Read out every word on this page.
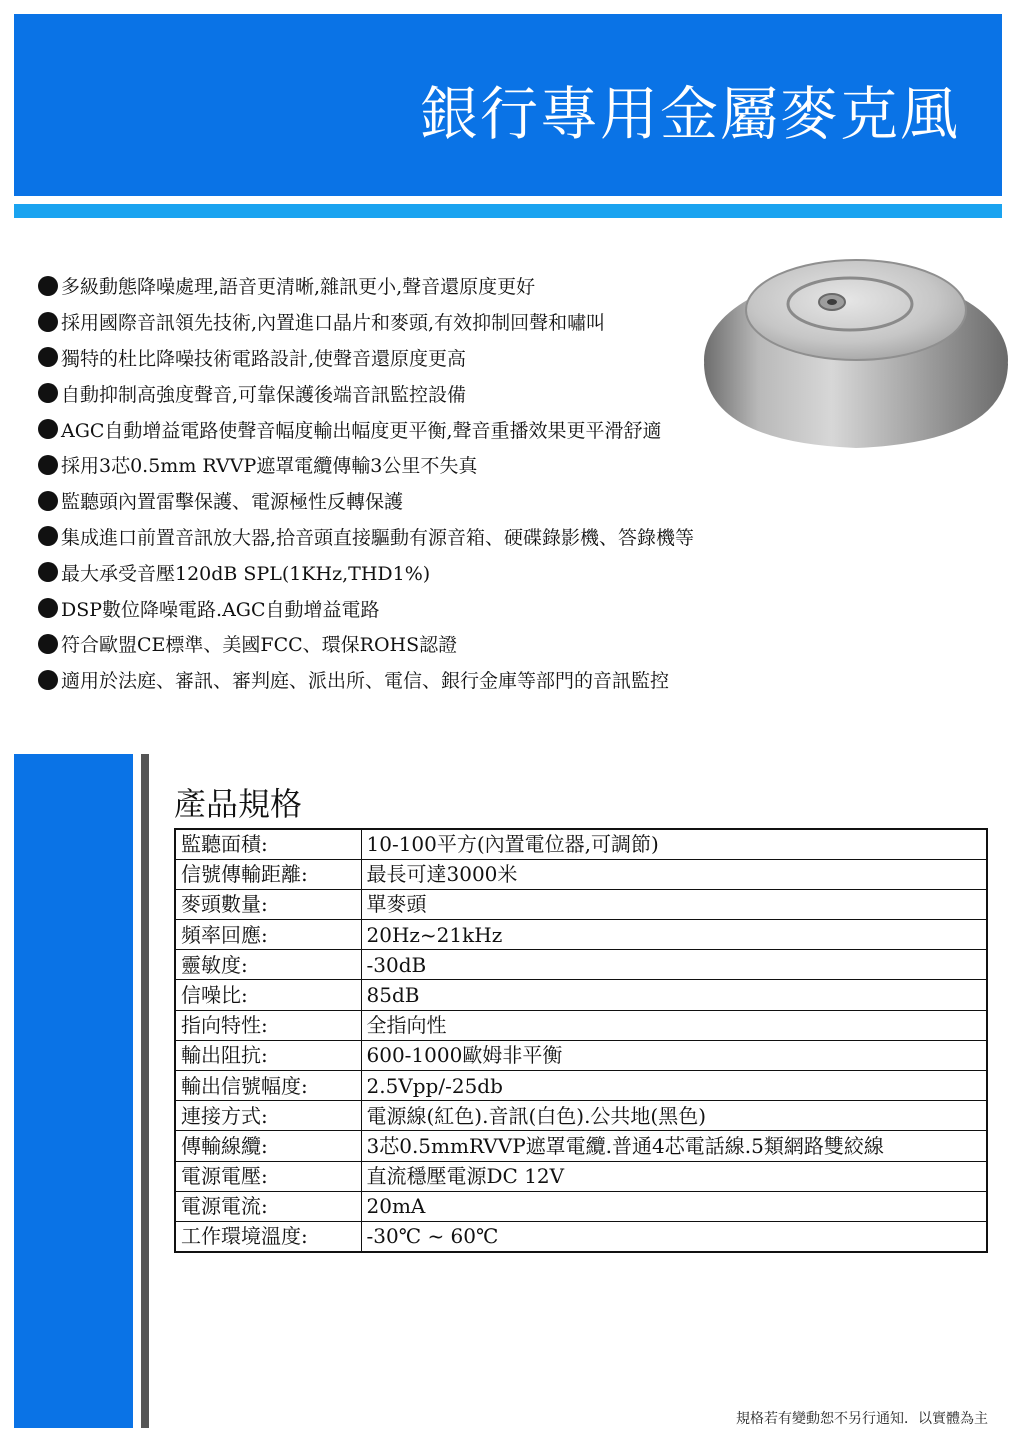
銀行專用金屬麥克風
多級動態降噪處理,語音更清晰,雜訊更小,聲音還原度更好
採用國際音訊領先技術,內置進口晶片和麥頭,有效抑制回聲和嘯叫
獨特的杜比降噪技術電路設計,使聲音還原度更高
自動抑制高強度聲音,可靠保護後端音訊監控設備
AGC自動增益電路使聲音幅度輸出幅度更平衡,聲音重播效果更平滑舒適
採用3芯0.5mm RVVP遮罩電纜傳輸3公里不失真
監聽頭內置雷擊保護、電源極性反轉保護
集成進口前置音訊放大器,拾音頭直接驅動有源音箱、硬碟錄影機、答錄機等
最大承受音壓120dB SPL(1KHz,THD1%)
DSP數位降噪電路.AGC自動增益電路
符合歐盟CE標準、美國FCC、環保ROHS認證
適用於法庭、審訊、審判庭、派出所、電信、銀行金庫等部門的音訊監控
產品規格
監聽面積:	10-100平方(內置電位器,可調節)
信號傳輸距離:	最長可達3000米
麥頭數量:	單麥頭
頻率回應:	20Hz~21kHz
靈敏度:	-30dB
信噪比:	85dB
指向特性:	全指向性
輸出阻抗:	600-1000歐姆非平衡
輸出信號幅度:	2.5Vpp/-25db
連接方式:	電源線(紅色).音訊(白色).公共地(黑色)
傳輸線纜:	3芯0.5mmRVVP遮罩電纜.普通4芯電話線.5類網路雙絞線
電源電壓:	直流穩壓電源DC 12V
電源電流:	20mA
工作環境溫度:	-30℃ ~ 60℃
規格若有變動恕不另行通知．以實體為主
